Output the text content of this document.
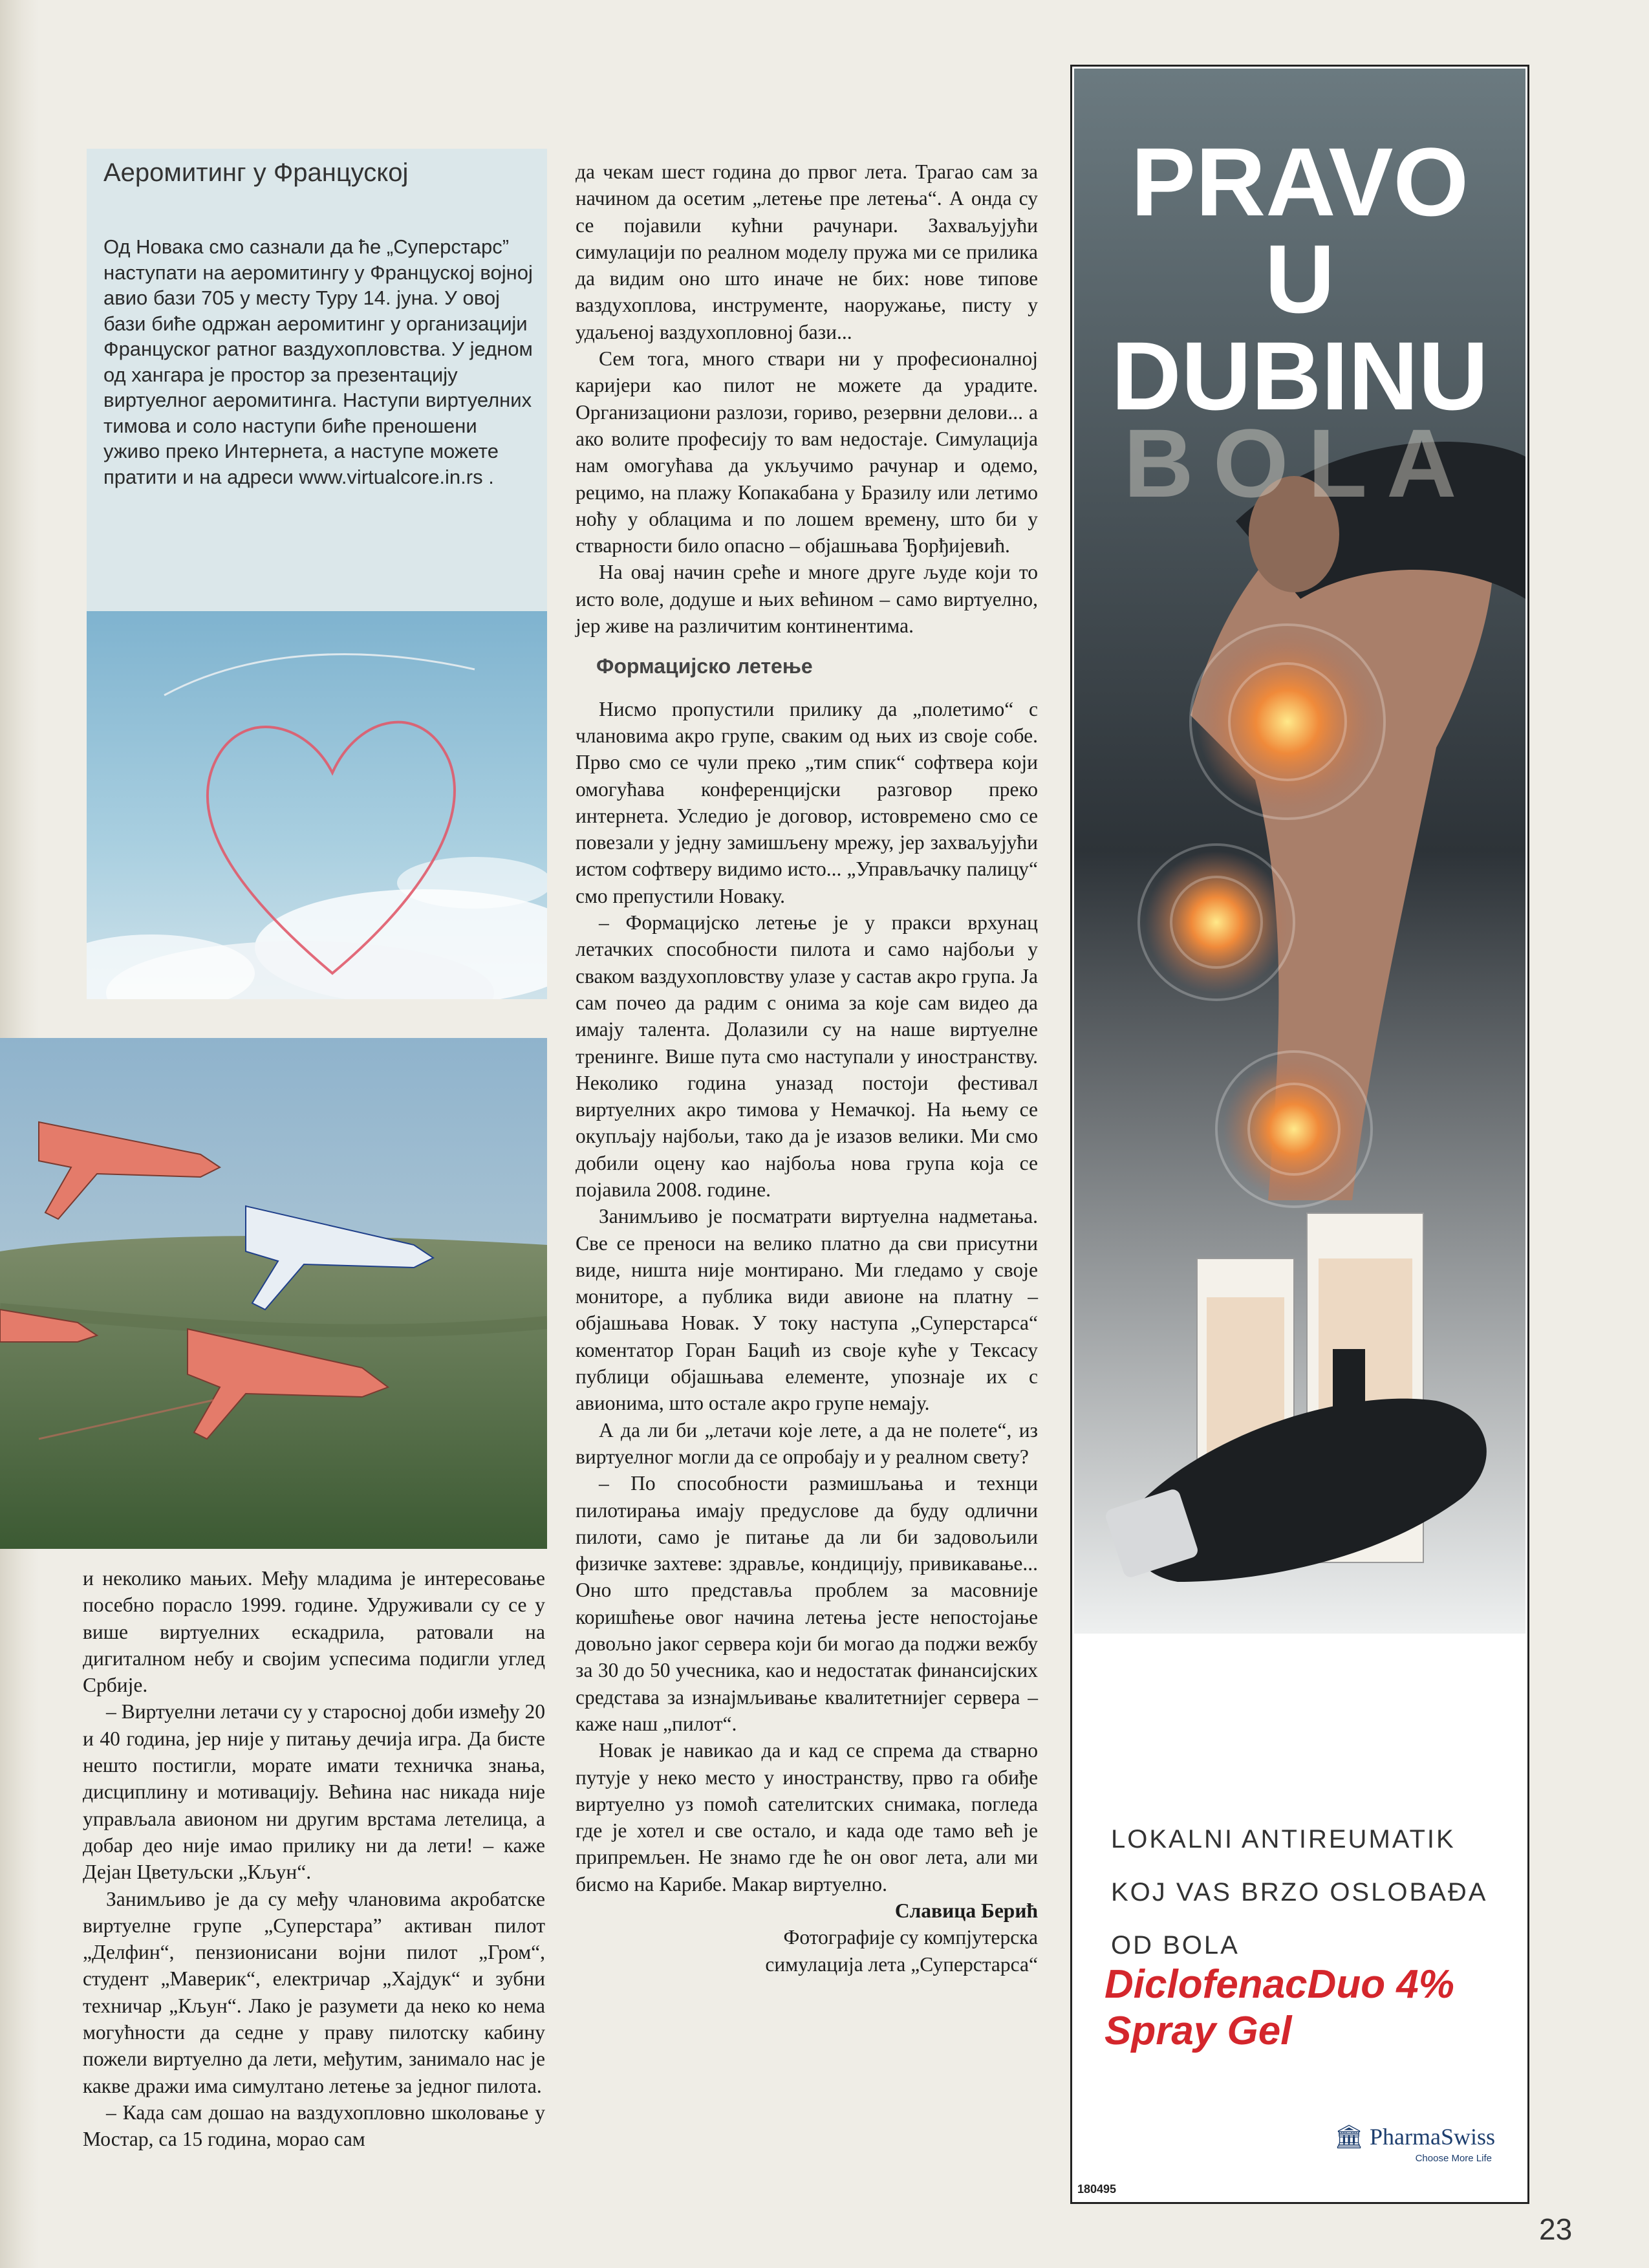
Аеромитинг у Француској

Од Новака смо сазнали да ће „Суперстарс” наступати на аеромитингу у Француској војној авио бази 705 у месту Туру 14. јуна. У овој бази биће одржан аеромитинг у организацији Француског ратног ваздухопловства. У једном од хангара је простор за презентацију виртуелног аеромитинга. Наступи виртуелних тимова и соло наступи биће преношени уживо преко Интернета, а наступе можете пратити и на адреси www.virtualcore.in.rs .

и неколико мањих. Међу младима је интересовање посебно порасло 1999. године. Удруживали су се у више виртуелних ескадрила, ратовали на дигиталном небу и својим успесима подигли углед Србије.

– Виртуелни летачи су у старосној доби између 20 и 40 година, јер није у питању дечија игра. Да бисте нешто постигли, морате имати техничка знања, дисциплину и мотивацију. Већина нас никада није управљала авионом ни другим врстама летелица, а добар део није имао прилику ни да лети! – каже Дејан Цветуљски „Кљун“.

Занимљиво је да су међу члановима акробатске виртуелне групе „Суперстара” активан пилот „Делфин“, пензионисани војни пилот „Гром“, студент „Маверик“, електричар „Хајдук“ и зубни техничар „Кљун“. Лако је разумети да неко ко нема могућности да седне у праву пилотску кабину пожели виртуелно да лети, међутим, занимало нас је какве дражи има симултано летење за једног пилота.

– Када сам дошао на ваздухопловно школовање у Мостар, са 15 година, морао сам

да чекам шест година до првог лета. Трагао сам за начином да осетим „летење пре летења“. А онда су се појавили кућни рачунари. Захваљујући симулацији по реалном моделу пружа ми се прилика да видим оно што иначе не бих: нове типове ваздухоплова, инструменте, наоружање, писту у удаљеној ваздухопловној бази...

Сем тога, много ствари ни у професионалној каријери као пилот не можете да урадите. Организациони разлози, гориво, резервни делови... а ако волите професију то вам недостаје. Симулација нам омогућава да укључимо рачунар и одемо, рецимо, на плажу Копакабана у Бразилу или летимо ноћу у облацима и по лошем времену, што би у стварности било опасно – објашњава Ђорђијевић.

На овај начин среће и многе друге људе који то исто воле, додуше и њих већином – само виртуелно, јер живе на различитим континентима.

Формацијско летење

Нисмо пропустили прилику да „полетимо“ с члановима акро групе, сваким од њих из своје собе. Прво смо се чули преко „тим спик“ софтвера који омогућава конференцијски разговор преко интернета. Уследио је договор, истовремено смо се повезали у једну замишљену мрежу, јер захваљујући истом софтверу видимо исто... „Управљачку палицу“ смо препустили Новаку.

– Формацијско летење је у пракси врхунац летачких способности пилота и само најбољи у сваком ваздухопловству улазе у састав акро група. Ја сам почео да радим с онима за које сам видео да имају талента. Долазили су на наше виртуелне тренинге. Више пута смо наступали у иностранству. Неколико година уназад постоји фестивал виртуелних акро тимова у Немачкој. На њему се окупљају најбољи, тако да је изазов велики. Ми смо добили оцену као најбоља нова група која се појавила 2008. године.

Занимљиво је посматрати виртуелна надметања. Све се преноси на велико платно да сви присутни виде, ништа није монтирано. Ми гледамо у своје мониторе, а публика види авионе на платну – објашњава Новак. У току наступа „Суперстарса“ коментатор Горан Бацић из своје куће у Тексасу публици објашњава елементе, упознаје их с авионима, што остале акро групе немају.

А да ли би „летачи које лете, а да не полете“, из виртуелног могли да се опробају и у реалном свету?

– По способности размишљања и технци пилотирања имају предуслове да буду одлични пилоти, само је питање да ли би задовољили физичке захтеве: здравље, кондицију, привикавање... Оно што представља проблем за масовније коришћење овог начина летења јесте непостојање довољно јаког сервера који би могао да поджи вежбу за 30 до 50 учесника, као и недостатак финансијских средстава за изнајмљивање квалитетнијег сервера – каже наш „пилот“.

Новак је навикао да и кад се спрема да стварно путује у неко место у иностранству, прво га обиђе виртуелно уз помоћ сателитских снимака, погледа где је хотел и све остало, и када оде тамо већ је припремљен. Не знамо где ће он овог лета, али ми бисмо на Карибе. Макар виртуелно.

Славица Берић

Фотографије су компјутерска

симулација лета „Суперстарса“

PRAVO
U DUBINU
BOLA

LOKALNI ANTIREUMATIK
KOJ VAS BRZO OSLOBAĐA
OD BOLA

DiclofenacDuo 4%
Spray Gel

🏛 PharmaSwiss
Choose More Life
180495
23
